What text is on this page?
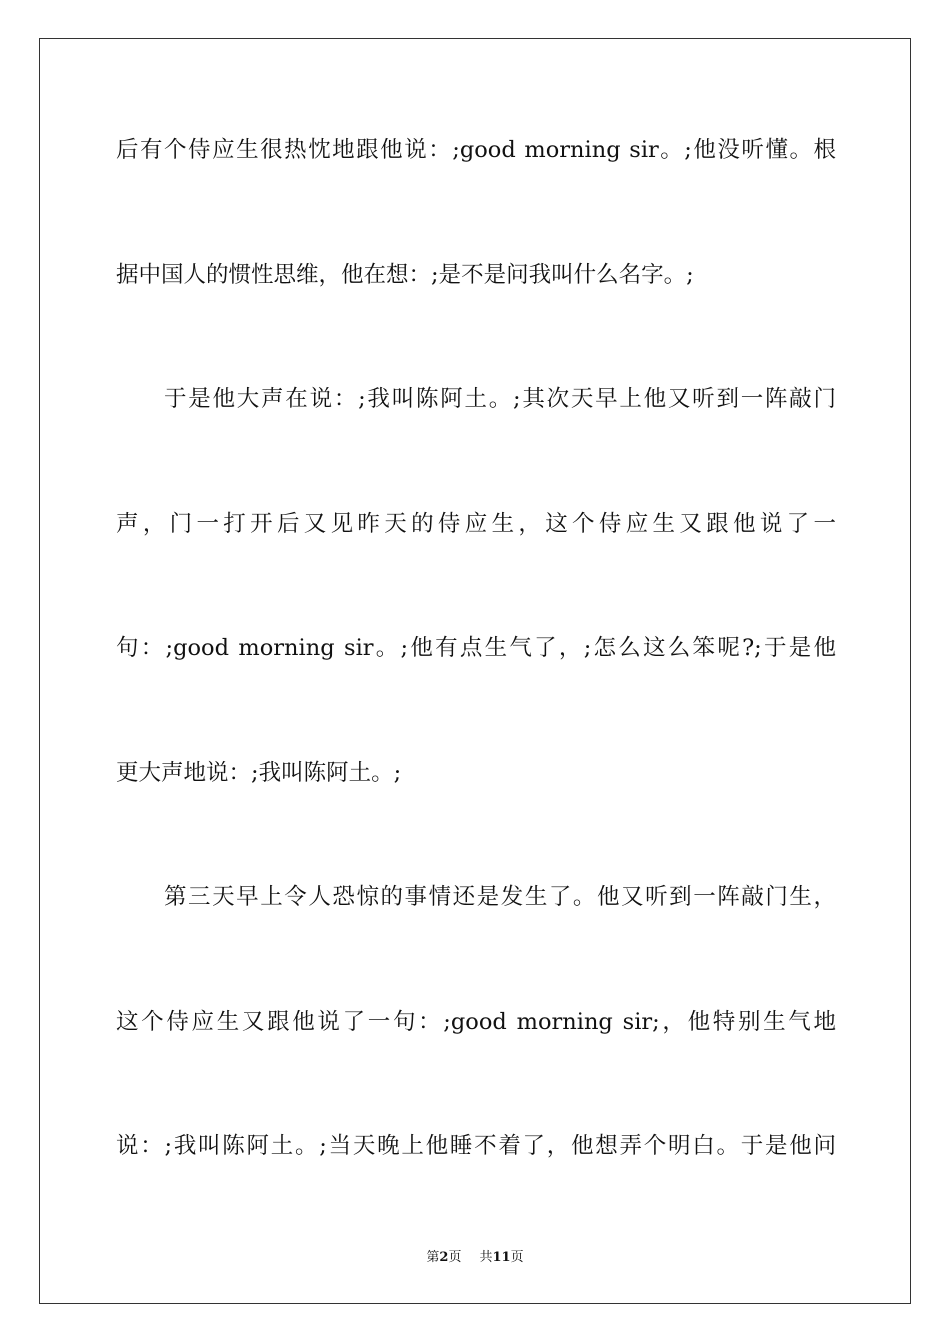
后有个侍应生很热忱地跟他说：;good morning sir。;他没听懂。根
据中国人的惯性思维，他在想：;是不是问我叫什么名字。;
于是他大声在说：;我叫陈阿土。;其次天早上他又听到一阵敲门
声，门一打开后又见昨天的侍应生，这个侍应生又跟他说了一
句：;good morning sir。;他有点生气了，;怎么这么笨呢?;于是他
更大声地说：;我叫陈阿土。;
第三天早上令人恐惊的事情还是发生了。他又听到一阵敲门生，
这个侍应生又跟他说了一句：;good morning sir;，他特别生气地
说：;我叫陈阿土。;当天晚上他睡不着了，他想弄个明白。于是他问
第2页 共11页
